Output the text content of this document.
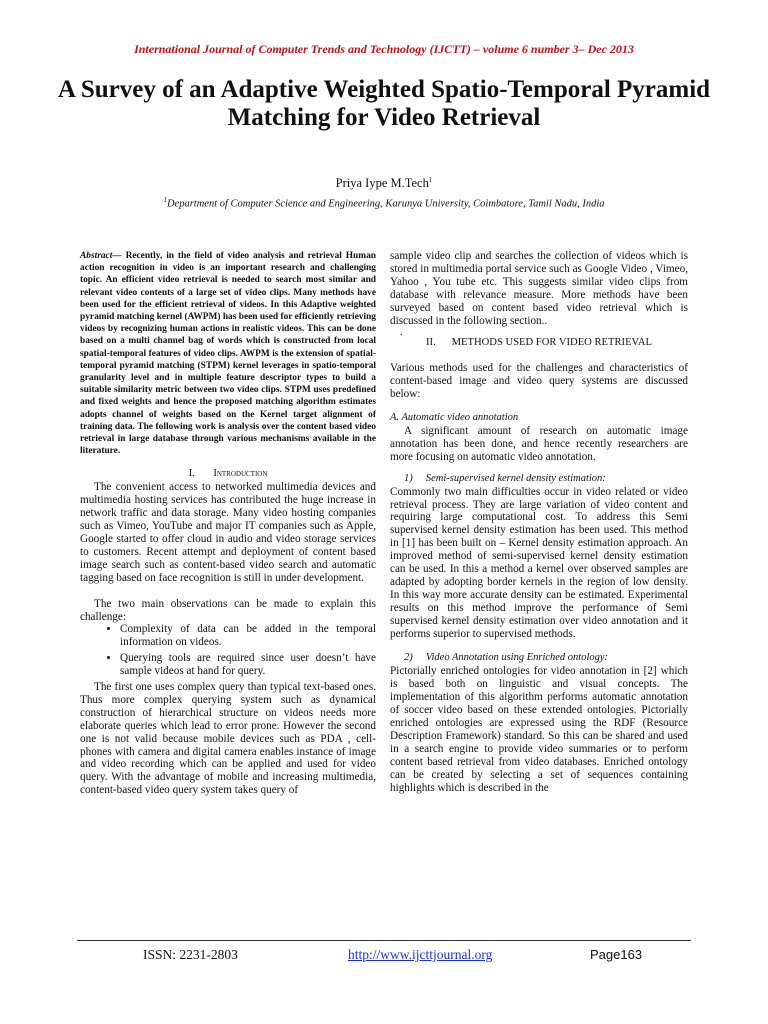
International Journal of Computer Trends and Technology (IJCTT) – volume 6 number 3– Dec 2013
A Survey of an Adaptive Weighted Spatio-Temporal Pyramid Matching for Video Retrieval
Priya Iype M.Tech$^1$
$^1$Department of Computer Science and Engineering, Karunya University, Coimbatore, Tamil Nadu, India

Abstract— Recently, in the field of video analysis and retrieval Human action recognition in video is an important research and challenging topic. An efficient video retrieval is needed to search most similar and relevant video contents of a large set of video clips. Many methods have been used for the efficient retrieval of videos. In this Adaptive weighted pyramid matching kernel (AWPM) has been used for efficiently retrieving videos by recognizing human actions in realistic videos. This can be done based on a multi channel bag of words which is constructed from local spatial-temporal features of video clips. AWPM is the extension of spatial-temporal pyramid matching (STPM) kernel leverages in spatio-temporal granularity level and in multiple feature descriptor types to build a suitable similarity metric between two video clips. STPM uses predefined and fixed weights and hence the proposed matching algorithm estimates adopts channel of weights based on the Kernel target alignment of training data. The following work is analysis over the content based video retrieval in large database through various mechanisms available in the literature.

I. Introduction

The convenient access to networked multimedia devices and multimedia hosting services has contributed the huge increase in network traffic and data storage. Many video hosting companies such as Vimeo, YouTube and major IT companies such as Apple, Google started to offer cloud in audio and video storage services to customers. Recent attempt and deployment of content based image search such as content-based video search and automatic tagging based on face recognition is still in under development.

The two main observations can be made to explain this challenge:

• Complexity of data can be added in the temporal information on videos.
• Querying tools are required since user doesn’t have sample videos at hand for query.

The first one uses complex query than typical text-based ones. Thus more complex querying system such as dynamical construction of hierarchical structure on videos needs more elaborate queries which lead to error prone. However the second one is not valid because mobile devices such as PDA , cell-phones with camera and digital camera enables instance of image and video recording which can be applied and used for video query. With the advantage of mobile and increasing multimedia, content-based video query system takes query of

sample video clip and searches the collection of videos which is stored in multimedia portal service such as Google Video , Vimeo, Yahoo , You tube etc. This suggests similar video clips from database with relevance measure. More methods have been surveyed based on content based video retrieval which is discussed in the following section..

.

II. METHODS USED FOR VIDEO RETRIEVAL

Various methods used for the challenges and characteristics of content-based image and video query systems are discussed below:

A. Automatic video annotation

A significant amount of research on automatic image annotation has been done, and hence recently researchers are more focusing on automatic video annotation.

1) Semi-supervised kernel density estimation:

Commonly two main difficulties occur in video related or video retrieval process. They are large variation of video content and requiring large computational cost. To address this Semi supervised kernel density estimation has been used. This method in [1] has been built on – Kernel density estimation approach. An improved method of semi-supervised kernel density estimation can be used. In this a method a kernel over observed samples are adapted by adopting border kernels in the region of low density. In this way more accurate density can be estimated. Experimental results on this method improve the performance of Semi supervised kernel density estimation over video annotation and it performs superior to supervised methods.

2) Video Annotation using Enriched ontology:

Pictorially enriched ontologies for video annotation in [2] which is based both on linguistic and visual concepts. The implementation of this algorithm performs automatic annotation of soccer video based on these extended ontologies. Pictorially enriched ontologies are expressed using the RDF (Resource Description Framework) standard. So this can be shared and used in a search engine to provide video summaries or to perform content based retrieval from video databases. Enriched ontology can be created by selecting a set of sequences containing highlights which is described in the

ISSN: 2231-2803	http://www.ijcttjournal.org	Page163
